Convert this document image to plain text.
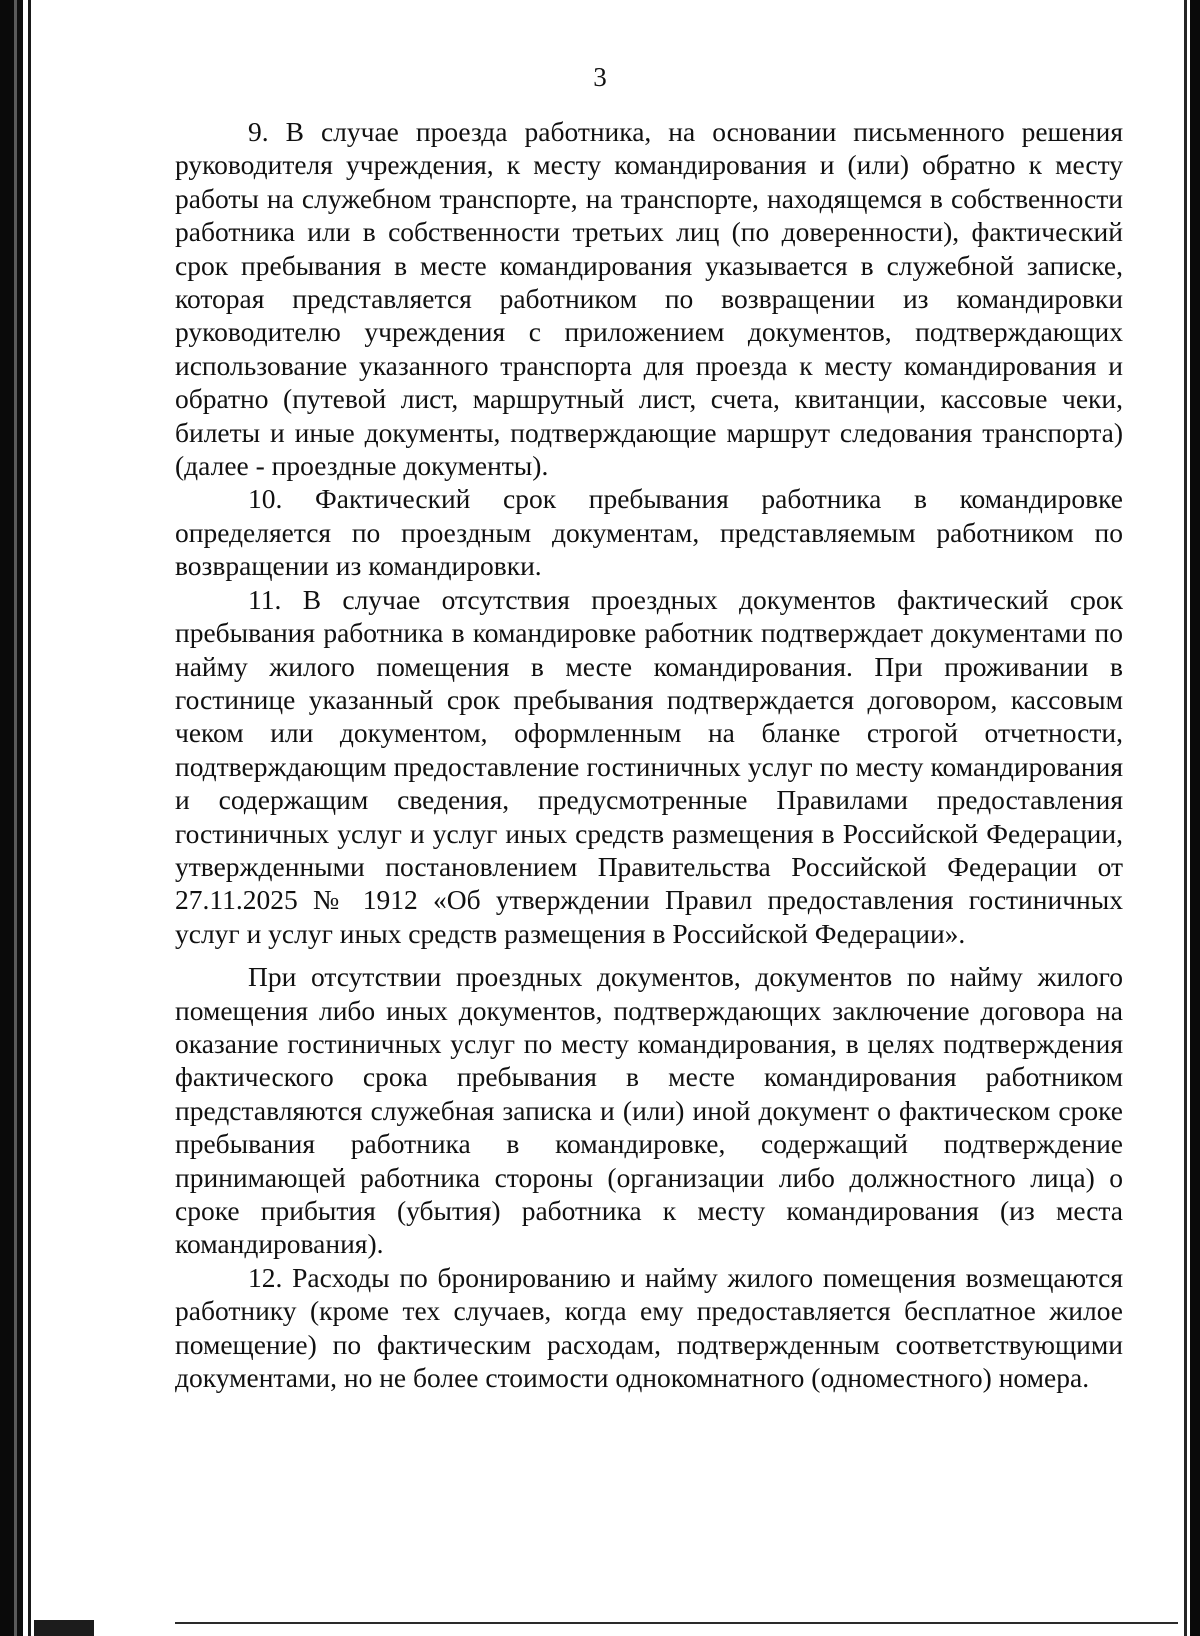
3

9. В случае проезда работника, на основании письменного решения руководителя учреждения, к месту командирования и (или) обратно к месту работы на служебном транспорте, на транспорте, находящемся в собственности работника или в собственности третьих лиц (по доверенности), фактический срок пребывания в месте командирования указывается в служебной записке, которая представляется работником по возвращении из командировки руководителю учреждения с приложением документов, подтверждающих использование указанного транспорта для проезда к месту командирования и обратно (путевой лист, маршрутный лист, счета, квитанции, кассовые чеки, билеты и иные документы, подтверждающие маршрут следования транспорта) (далее - проездные документы).

10. Фактический срок пребывания работника в командировке определяется по проездным документам, представляемым работником по возвращении из командировки.

11. В случае отсутствия проездных документов фактический срок пребывания работника в командировке работник подтверждает документами по найму жилого помещения в месте командирования. При проживании в гостинице указанный срок пребывания подтверждается договором, кассовым чеком или документом, оформленным на бланке строгой отчетности, подтверждающим предоставление гостиничных услуг по месту командирования и содержащим сведения, предусмотренные Правилами предоставления гостиничных услуг и услуг иных средств размещения в Российской Федерации, утвержденными постановлением Правительства Российской Федерации от 27.11.2025 № 1912 «Об утверждении Правил предоставления гостиничных услуг и услуг иных средств размещения в Российской Федерации».

При отсутствии проездных документов, документов по найму жилого помещения либо иных документов, подтверждающих заключение договора на оказание гостиничных услуг по месту командирования, в целях подтверждения фактического срока пребывания в месте командирования работником представляются служебная записка и (или) иной документ о фактическом сроке пребывания работника в командировке, содержащий подтверждение принимающей работника стороны (организации либо должностного лица) о сроке прибытия (убытия) работника к месту командирования (из места командирования).

12. Расходы по бронированию и найму жилого помещения возмещаются работнику (кроме тех случаев, когда ему предоставляется бесплатное жилое помещение) по фактическим расходам, подтвержденным соответствующими документами, но не более стоимости однокомнатного (одноместного) номера.
